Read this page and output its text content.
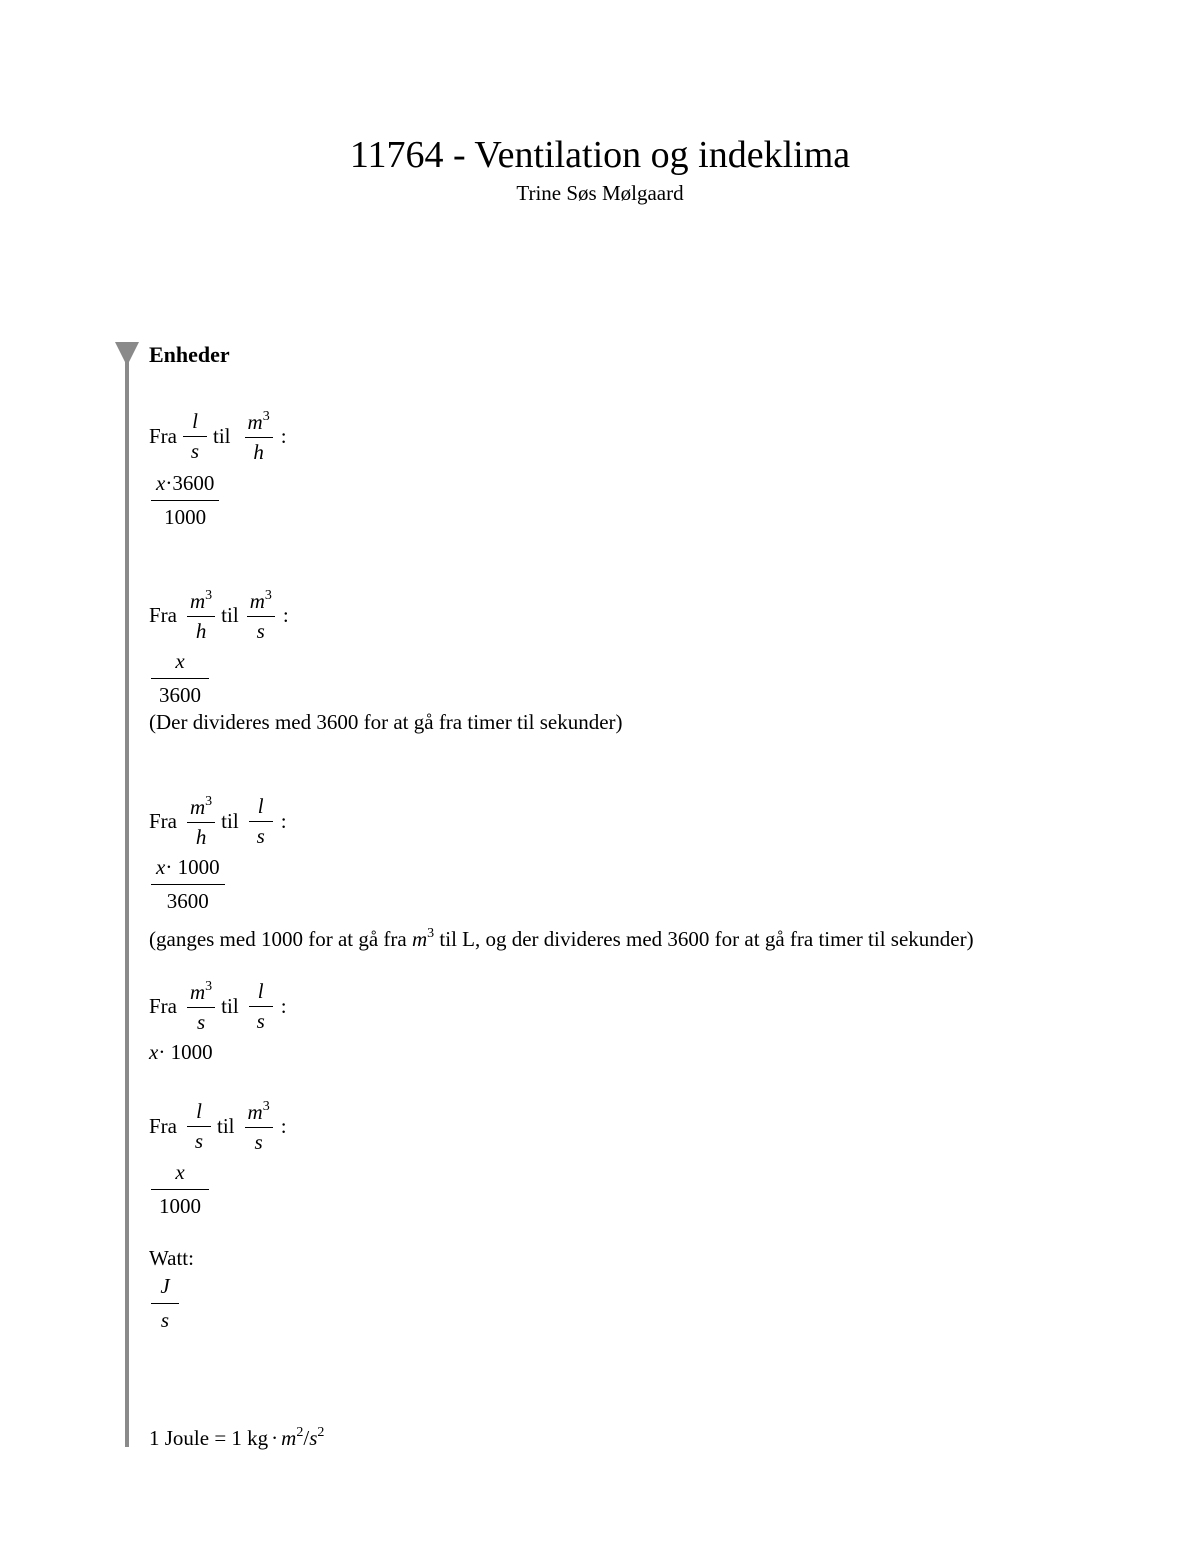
11764 - Ventilation og indeklima
Trine Søs Mølgaard
Enheder
Fra $\frac{l}{s}$ til $\frac{m^3}{h}$ :
$\frac{x\cdot 3600}{1000}$
Fra $\frac{m^3}{h}$ til $\frac{m^3}{s}$ :
$\frac{x}{3600}$
(Der divideres med 3600 for at gå fra timer til sekunder)
Fra $\frac{m^3}{h}$ til $\frac{l}{s}$ :
$\frac{x\cdot 1000}{3600}$
(ganges med 1000 for at gå fra $m^3$ til L, og der divideres med 3600 for at gå fra timer til sekunder)
Fra $\frac{m^3}{s}$ til $\frac{l}{s}$ :
x· 1000
Fra $\frac{l}{s}$ til $\frac{m^3}{s}$ :
$\frac{x}{1000}$
Watt:
$\frac{J}{s}$
1 Joule = 1 kg · $m^2/s^2$
